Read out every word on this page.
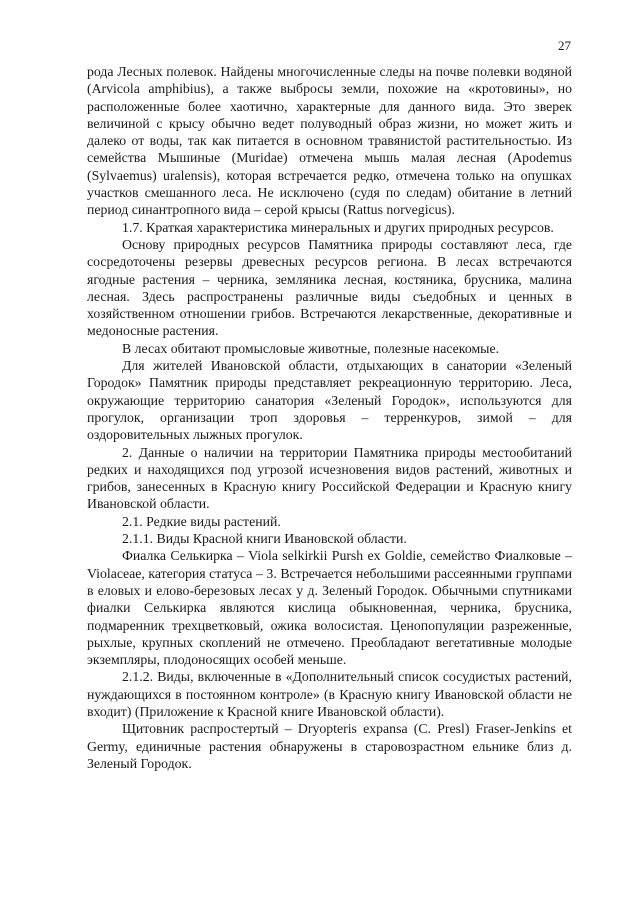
27

рода Лесных полевок. Найдены многочисленные следы на почве полевки водяной (Arvicola amphibius), а также выбросы земли, похожие на «кротовины», но расположенные более хаотично, характерные для данного вида. Это зверек величиной с крысу обычно ведет полуводный образ жизни, но может жить и далеко от воды, так как питается в основном травянистой растительностью. Из семейства Мышиные (Muridae) отмечена мышь малая лесная (Apodemus (Sylvaemus) uralensis), которая встречается редко, отмечена только на опушках участков смешанного леса. Не исключено (судя по следам) обитание в летний период синантропного вида – серой крысы (Rattus norvegicus).

1.7. Краткая характеристика минеральных и других природных ресурсов.

Основу природных ресурсов Памятника природы составляют леса, где сосредоточены резервы древесных ресурсов региона. В лесах встречаются ягодные растения – черника, земляника лесная, костяника, брусника, малина лесная. Здесь распространены различные виды съедобных и ценных в хозяйственном отношении грибов. Встречаются лекарственные, декоративные и медоносные растения.

В лесах обитают промысловые животные, полезные насекомые.

Для жителей Ивановской области, отдыхающих в санатории «Зеленый Городок» Памятник природы представляет рекреационную территорию. Леса, окружающие территорию санатория «Зеленый Городок», используются для прогулок, организации троп здоровья – терренкуров, зимой – для оздоровительных лыжных прогулок.

2. Данные о наличии на территории Памятника природы местообитаний редких и находящихся под угрозой исчезновения видов растений, животных и грибов, занесенных в Красную книгу Российской Федерации и Красную книгу Ивановской области.

2.1. Редкие виды растений.

2.1.1. Виды Красной книги Ивановской области.

Фиалка Селькирка – Viola selkirkii Pursh ex Goldie, семейство Фиалковые – Violaceae, категория статуса – 3. Встречается небольшими рассеянными группами в еловых и елово-березовых лесах у д. Зеленый Городок. Обычными спутниками фиалки Селькирка являются кислица обыкновенная, черника, брусника, подмаренник трехцветковый, ожика волосистая. Ценопопуляции разреженные, рыхлые, крупных скоплений не отмечено. Преобладают вегетативные молодые экземпляры, плодоносящих особей меньше.

2.1.2. Виды, включенные в «Дополнительный список сосудистых растений, нуждающихся в постоянном контроле» (в Красную книгу Ивановской области не входит) (Приложение к Красной книге Ивановской области).

Щитовник распростертый – Dryopteris expansa (C. Presl) Fraser-Jenkins et Germy, единичные растения обнаружены в старовозрастном ельнике близ д. Зеленый Городок.
